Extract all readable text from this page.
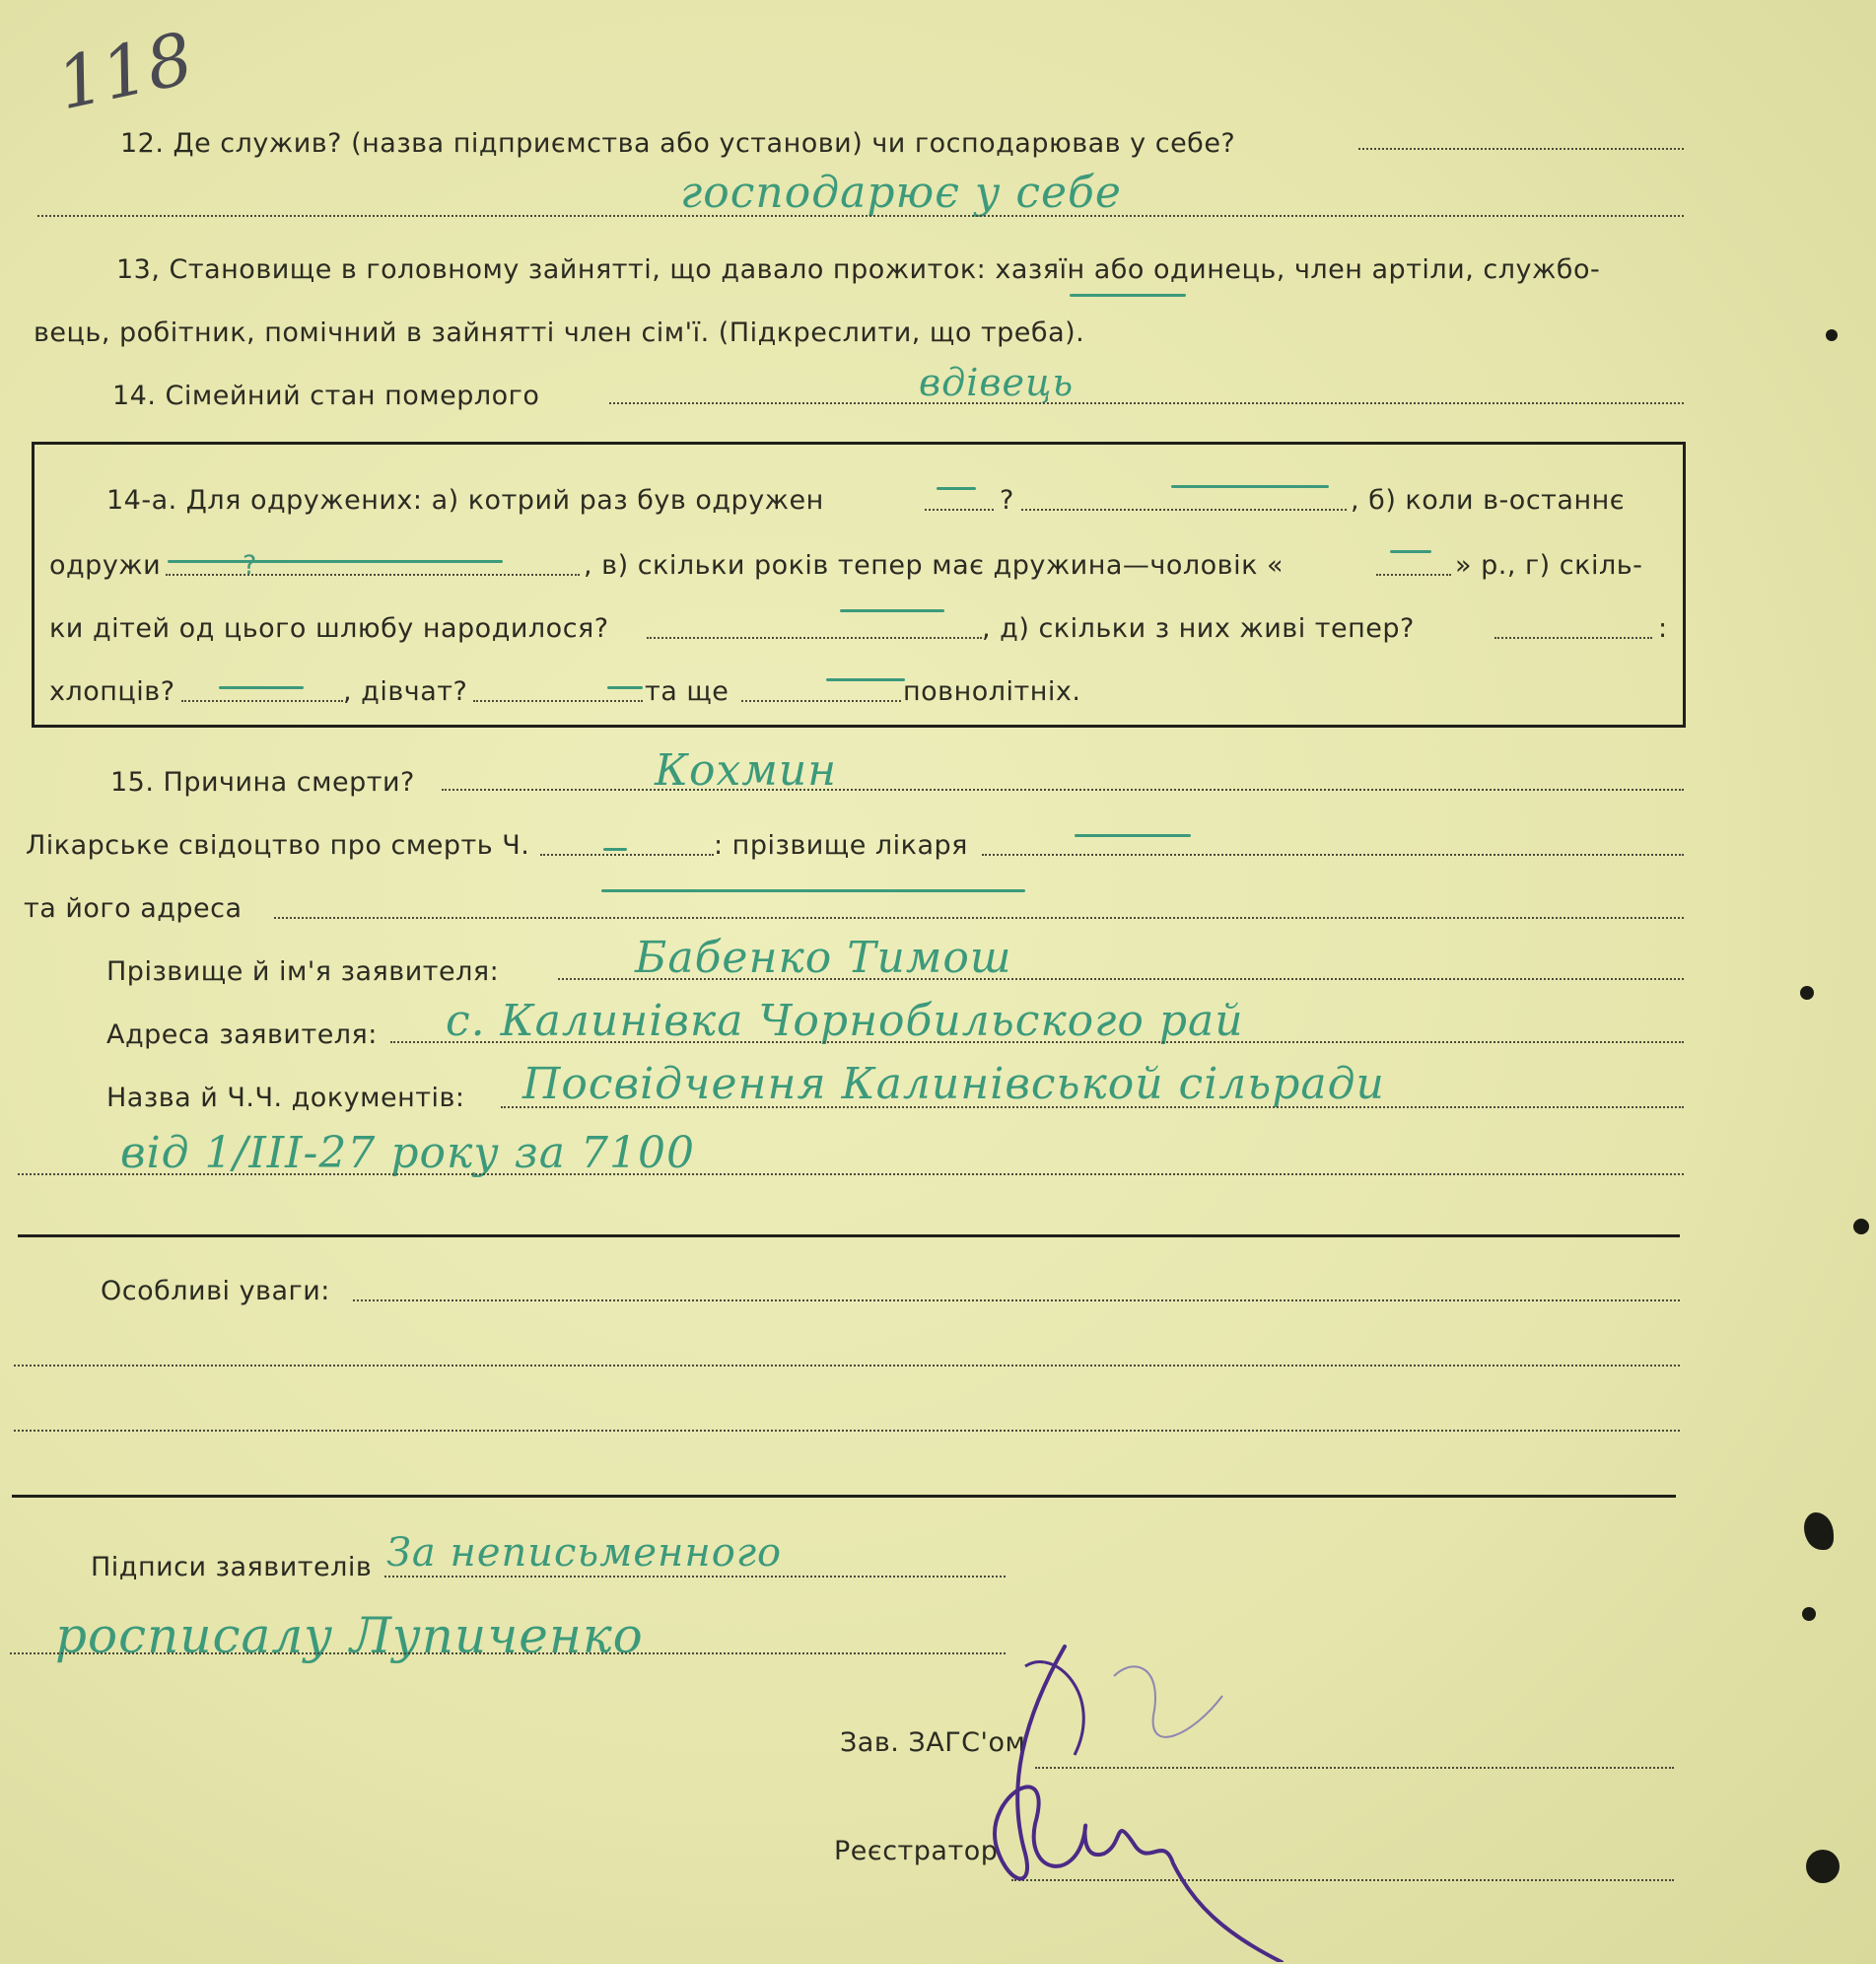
118
12. Де служив? (назва підприємства або установи) чи господарював у себе?
господарює у себе
13, Становище в головному зайнятті, що давало прожиток: хазяїн або одинець, член артіли, службо-
вець, робітник, помічний в зайнятті член сім'ї. (Підкреслити, що треба).
14. Сімейний стан померлого	вдівець
14-а. Для одружених: а) котрий раз був одружен	?	, б) коли в-останнє
одружи	?	, в) скільки років тепер має дружина—чоловік «	» р., г) скіль-
ки дітей од цього шлюбу народилося?	, д) скільки з них живі тепер?	:
хлопців?	, дівчат?	та ще	повнолітніх.
15. Причина смерти?	Кохмин
Лікарське свідоцтво про смерть Ч.	: прізвище лікаря
та його адреса
Прізвище й ім'я заявителя:	Бабенко Тимош
Адреса заявителя: с. Калинівка Чорнобильского рай
Назва й Ч.Ч. документів: Посвідчення Калинівськой сільради
від 1/ІІІ-27 року за 7100
Особливі уваги:
Підписи заявителів За неписьменного
росписалу Лупиченко
Зав. ЗАГС'ом
Реєстратор
